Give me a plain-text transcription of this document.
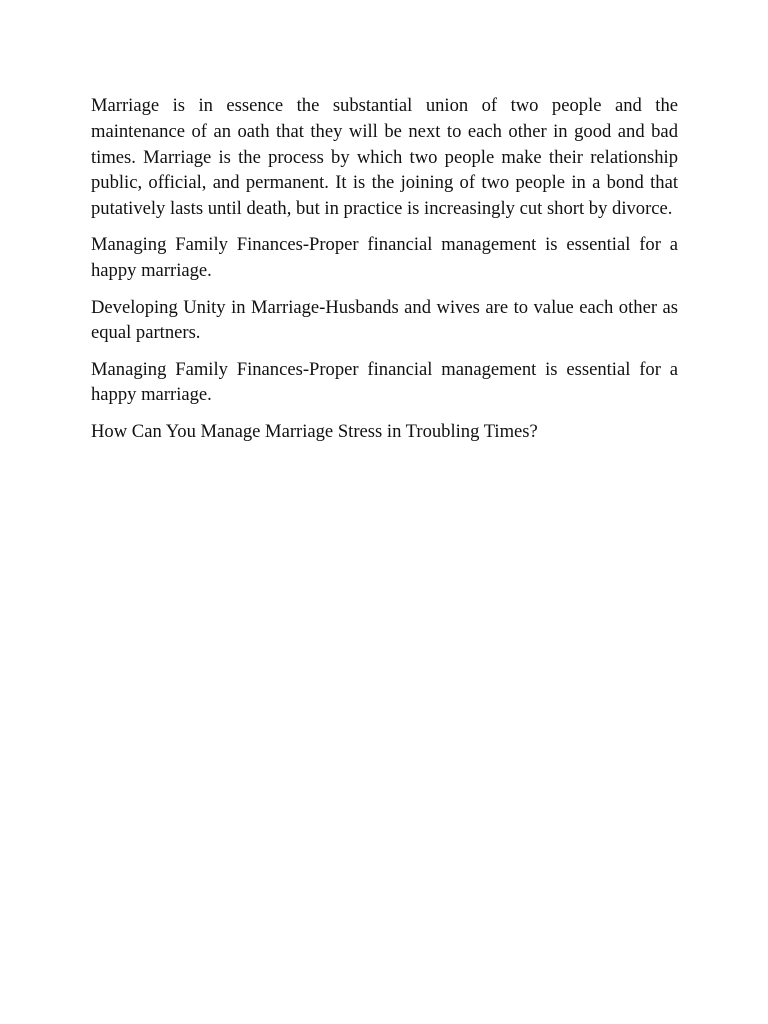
Marriage is in essence the substantial union of two people and the maintenance of an oath that they will be next to each other in good and bad times. Marriage is the process by which two people make their relationship public, official, and permanent. It is the joining of two people in a bond that putatively lasts until death, but in practice is increasingly cut short by divorce.

Managing Family Finances-Proper financial management is essential for a happy marriage.

Developing Unity in Marriage-Husbands and wives are to value each other as equal partners.

Managing Family Finances-Proper financial management is essential for a happy marriage.

How Can You Manage Marriage Stress in Troubling Times?
